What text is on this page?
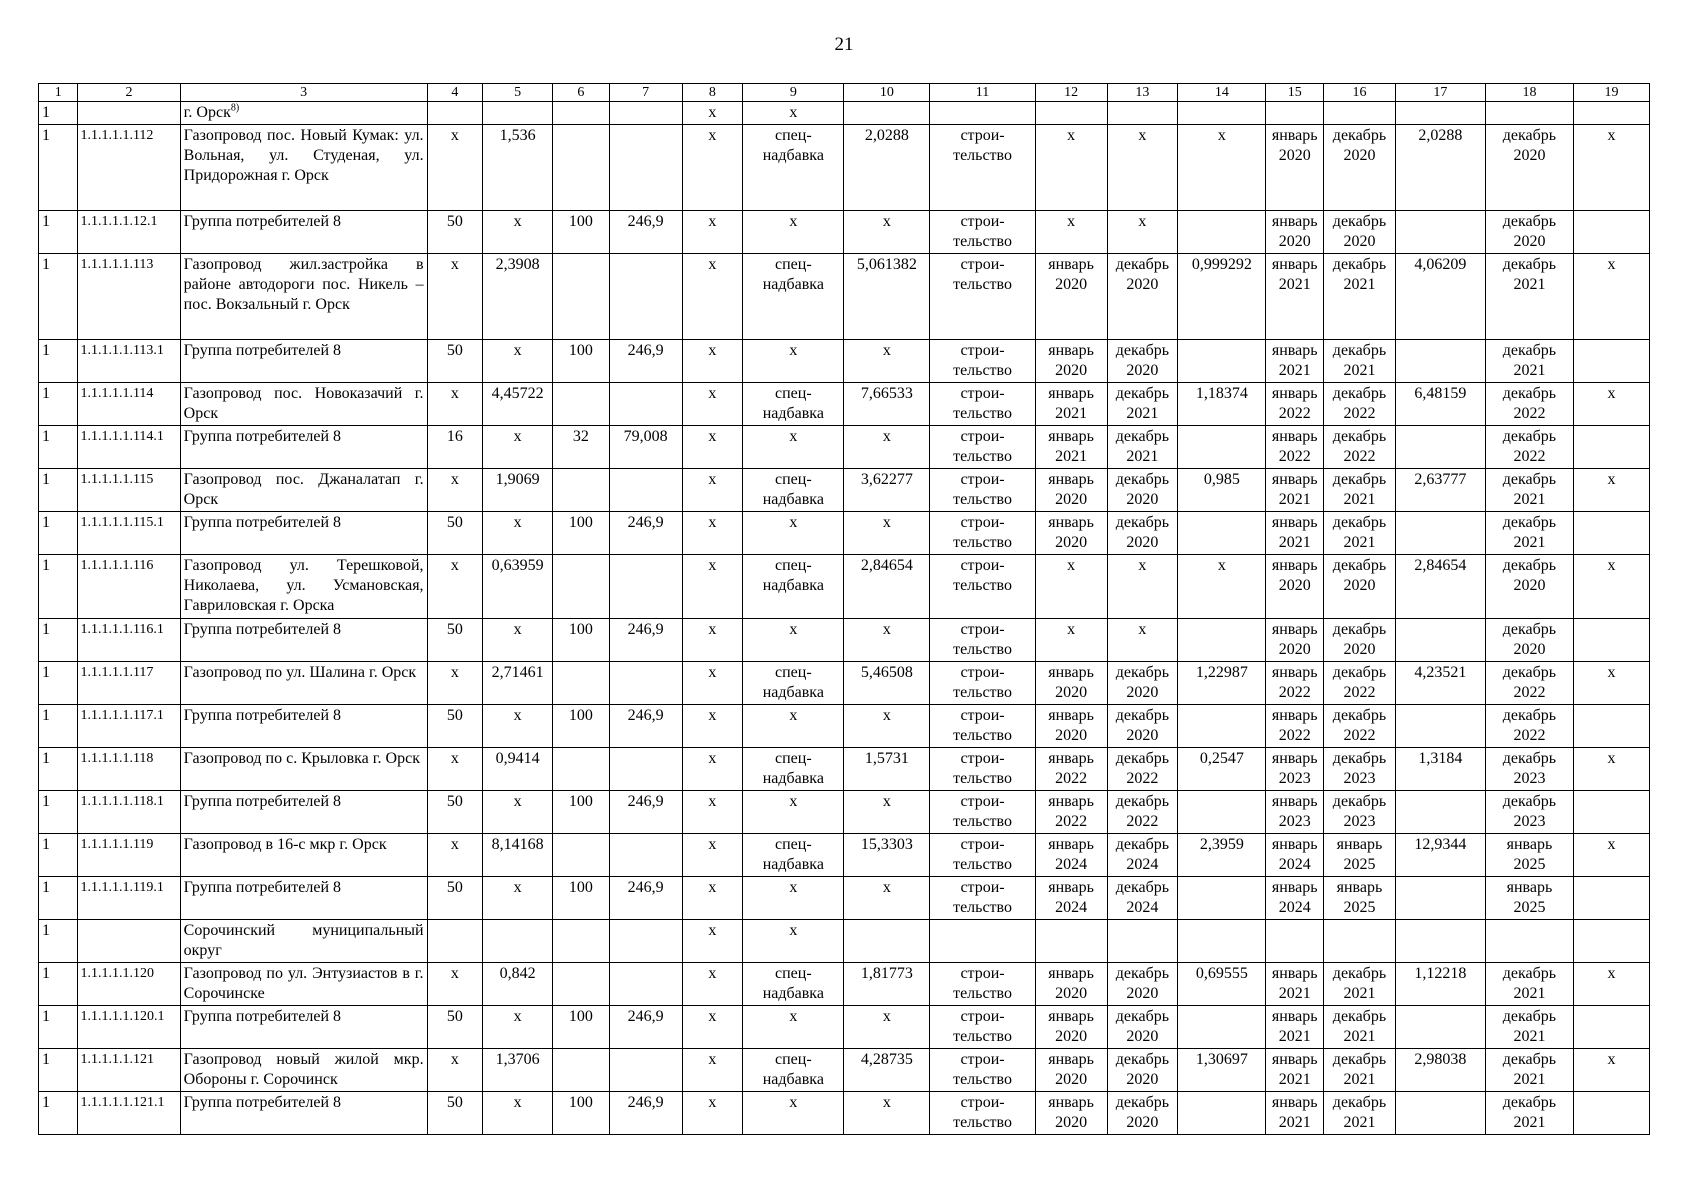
21
1	2	3	4	5	6	7	8	9	10	11	12	13	14	15	16	17	18	19
1		г. Орск$^{8)}$					х	х										
1	1.1.1.1.1.112	Газопровод пос. Новый Кумак: ул. Вольная, ул. Студеная, ул. Придорожная г. Орск	х	1,536			х	спец-надбавка	2,0288	строи-тельство	х	х	х	январь 2020	декабрь 2020	2,0288	декабрь 2020	х
1	1.1.1.1.1.12.1	Группа потребителей 8	50	х	100	246,9	х	х	х	строи-тельство	х	х		январь 2020	декабрь 2020		декабрь 2020	
1	1.1.1.1.1.113	Газопровод жил.застройка в районе автодороги пос. Никель – пос. Вокзальный г. Орск	х	2,3908			х	спец-надбавка	5,061382	строи-тельство	январь 2020	декабрь 2020	0,999292	январь 2021	декабрь 2021	4,06209	декабрь 2021	х
1	1.1.1.1.1.113.1	Группа потребителей 8	50	х	100	246,9	х	х	х	строи-тельство	январь 2020	декабрь 2020		январь 2021	декабрь 2021		декабрь 2021	
1	1.1.1.1.1.114	Газопровод пос. Новоказачий г. Орск	х	4,45722			х	спец-надбавка	7,66533	строи-тельство	январь 2021	декабрь 2021	1,18374	январь 2022	декабрь 2022	6,48159	декабрь 2022	х
1	1.1.1.1.1.114.1	Группа потребителей 8	16	х	32	79,008	х	х	х	строи-тельство	январь 2021	декабрь 2021		январь 2022	декабрь 2022		декабрь 2022	
1	1.1.1.1.1.115	Газопровод пос. Джаналатап г. Орск	х	1,9069			х	спец-надбавка	3,62277	строи-тельство	январь 2020	декабрь 2020	0,985	январь 2021	декабрь 2021	2,63777	декабрь 2021	х
1	1.1.1.1.1.115.1	Группа потребителей 8	50	х	100	246,9	х	х	х	строи-тельство	январь 2020	декабрь 2020		январь 2021	декабрь 2021		декабрь 2021	
1	1.1.1.1.1.116	Газопровод ул. Терешковой, Николаева, ул. Усмановская, Гавриловская г. Орска	х	0,63959			х	спец-надбавка	2,84654	строи-тельство	х	х	х	январь 2020	декабрь 2020	2,84654	декабрь 2020	х
1	1.1.1.1.1.116.1	Группа потребителей 8	50	х	100	246,9	х	х	х	строи-тельство	х	х		январь 2020	декабрь 2020		декабрь 2020	
1	1.1.1.1.1.117	Газопровод по ул. Шалина г. Орск	х	2,71461			х	спец-надбавка	5,46508	строи-тельство	январь 2020	декабрь 2020	1,22987	январь 2022	декабрь 2022	4,23521	декабрь 2022	х
1	1.1.1.1.1.117.1	Группа потребителей 8	50	х	100	246,9	х	х	х	строи-тельство	январь 2020	декабрь 2020		январь 2022	декабрь 2022		декабрь 2022	
1	1.1.1.1.1.118	Газопровод по с. Крыловка г. Орск	х	0,9414			х	спец-надбавка	1,5731	строи-тельство	январь 2022	декабрь 2022	0,2547	январь 2023	декабрь 2023	1,3184	декабрь 2023	х
1	1.1.1.1.1.118.1	Группа потребителей 8	50	х	100	246,9	х	х	х	строи-тельство	январь 2022	декабрь 2022		январь 2023	декабрь 2023		декабрь 2023	
1	1.1.1.1.1.119	Газопровод в 16-с мкр г. Орск	х	8,14168			х	спец-надбавка	15,3303	строи-тельство	январь 2024	декабрь 2024	2,3959	январь 2024	январь 2025	12,9344	январь 2025	х
1	1.1.1.1.1.119.1	Группа потребителей 8	50	х	100	246,9	х	х	х	строи-тельство	январь 2024	декабрь 2024		январь 2024	январь 2025		январь 2025	
1		Сорочинский муниципальный округ					х	х										
1	1.1.1.1.1.120	Газопровод по ул. Энтузиастов в г. Сорочинске	х	0,842			х	спец-надбавка	1,81773	строи-тельство	январь 2020	декабрь 2020	0,69555	январь 2021	декабрь 2021	1,12218	декабрь 2021	х
1	1.1.1.1.1.120.1	Группа потребителей 8	50	х	100	246,9	х	х	х	строи-тельство	январь 2020	декабрь 2020		январь 2021	декабрь 2021		декабрь 2021	
1	1.1.1.1.1.121	Газопровод новый жилой мкр. Обороны г. Сорочинск	х	1,3706			х	спец-надбавка	4,28735	строи-тельство	январь 2020	декабрь 2020	1,30697	январь 2021	декабрь 2021	2,98038	декабрь 2021	х
1	1.1.1.1.1.121.1	Группа потребителей 8	50	х	100	246,9	х	х	х	строи-тельство	январь 2020	декабрь 2020		январь 2021	декабрь 2021		декабрь 2021	
